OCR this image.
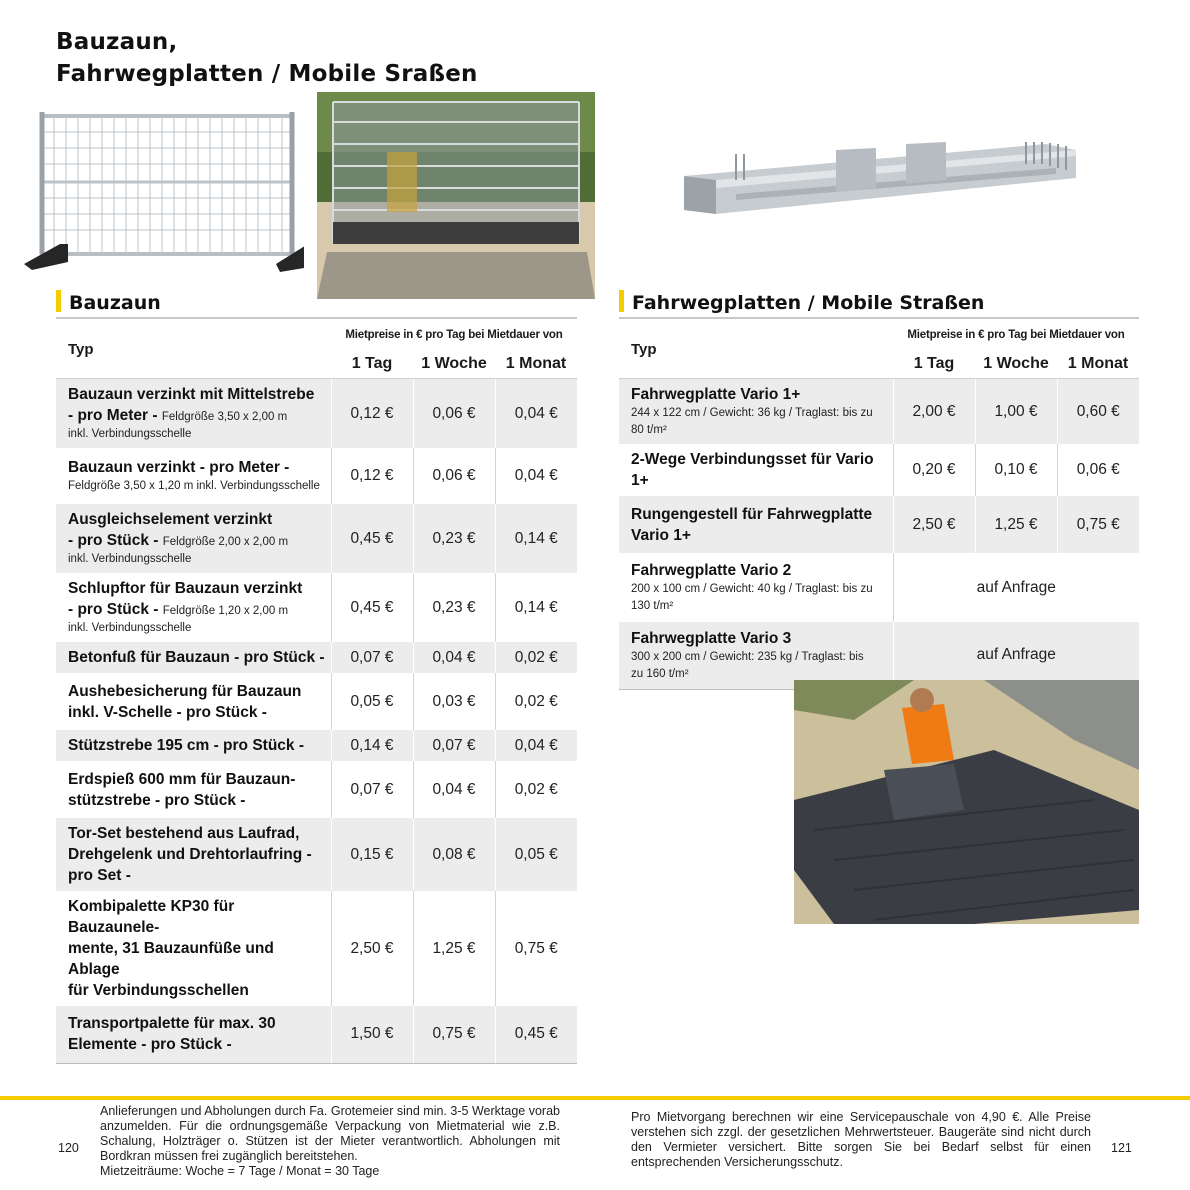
Bauzaun,
Fahrwegplatten / Mobile Sraßen
Bauzaun	Fahrwegplatten / Mobile Straßen
Typ	Mietpreise in € pro Tag bei Mietdauer von		
	1 Tag	1 Woche	1 Monat

Bauzaun verzinkt mit Mittelstrebe
- pro Meter - Feldgröße 3,50 x 2,00 m
inkl. Verbindungsschelle	0,12 €	0,06 €	0,04 €

Bauzaun verzinkt - pro Meter -
Feldgröße 3,50 x 1,20 m inkl. Verbindungsschelle	0,12 €	0,06 €	0,04 €

Ausgleichselement verzinkt
- pro Stück - Feldgröße 2,00 x 2,00 m
inkl. Verbindungsschelle	0,45 €	0,23 €	0,14 €

Schlupftor für Bauzaun verzinkt
- pro Stück - Feldgröße 1,20 x 2,00 m
inkl. Verbindungsschelle	0,45 €	0,23 €	0,14 €

Betonfuß für Bauzaun - pro Stück -	0,07 €	0,04 €	0,02 €

Aushebesicherung für Bauzaun
inkl. V-Schelle - pro Stück -	0,05 €	0,03 €	0,02 €

Stützstrebe 195 cm - pro Stück -	0,14 €	0,07 €	0,04 €

Erdspieß 600 mm für Bauzaun-
stützstrebe - pro Stück -	0,07 €	0,04 €	0,02 €

Tor-Set bestehend aus Laufrad,
Drehgelenk und Drehtorlaufring -
pro Set -	0,15 €	0,08 €	0,05 €

Kombipalette KP30 für Bauzaunele-
mente, 31 Bauzaunfüße und Ablage
für Verbindungsschellen	2,50 €	1,25 €	0,75 €

Transportpalette für max. 30
Elemente - pro Stück -	1,50 €	0,75 €	0,45 €
Typ	Mietpreise in € pro Tag bei Mietdauer von		
	1 Tag	1 Woche	1 Monat

Fahrwegplatte Vario 1+
244 x 122 cm / Gewicht: 36 kg / Traglast: bis zu
80 t/m²	2,00 €	1,00 €	0,60 €

2-Wege Verbindungsset für Vario 1+	0,20 €	0,10 €	0,06 €

Rungengestell für Fahrwegplatte
Vario 1+	2,50 €	1,25 €	0,75 €

Fahrwegplatte Vario 2
200 x 100 cm / Gewicht: 40 kg / Traglast: bis zu
130 t/m²	auf Anfrage		

Fahrwegplatte Vario 3
300 x 200 cm / Gewicht: 235 kg / Traglast: bis
zu 160 t/m²	auf Anfrage		
120
Anlieferungen und Abholungen durch Fa. Grotemeier sind min. 3-5 Werktage vorab anzumelden. Für die ordnungsgemäße Verpackung von Mietmaterial wie z.B. Schalung, Holzträger o. Stützen ist der Mieter verantwortlich. Abholungen mit Bordkran müssen frei zugänglich bereitstehen.
Mietzeiträume: Woche = 7 Tage / Monat = 30 Tage
Pro Mietvorgang berechnen wir eine Servicepauschale von 4,90 €. Alle Preise verstehen sich zzgl. der gesetzlichen Mehrwertsteuer. Baugeräte sind nicht durch den Vermieter versichert. Bitte sorgen Sie bei Bedarf selbst für einen entsprechenden Versicherungsschutz.
121
